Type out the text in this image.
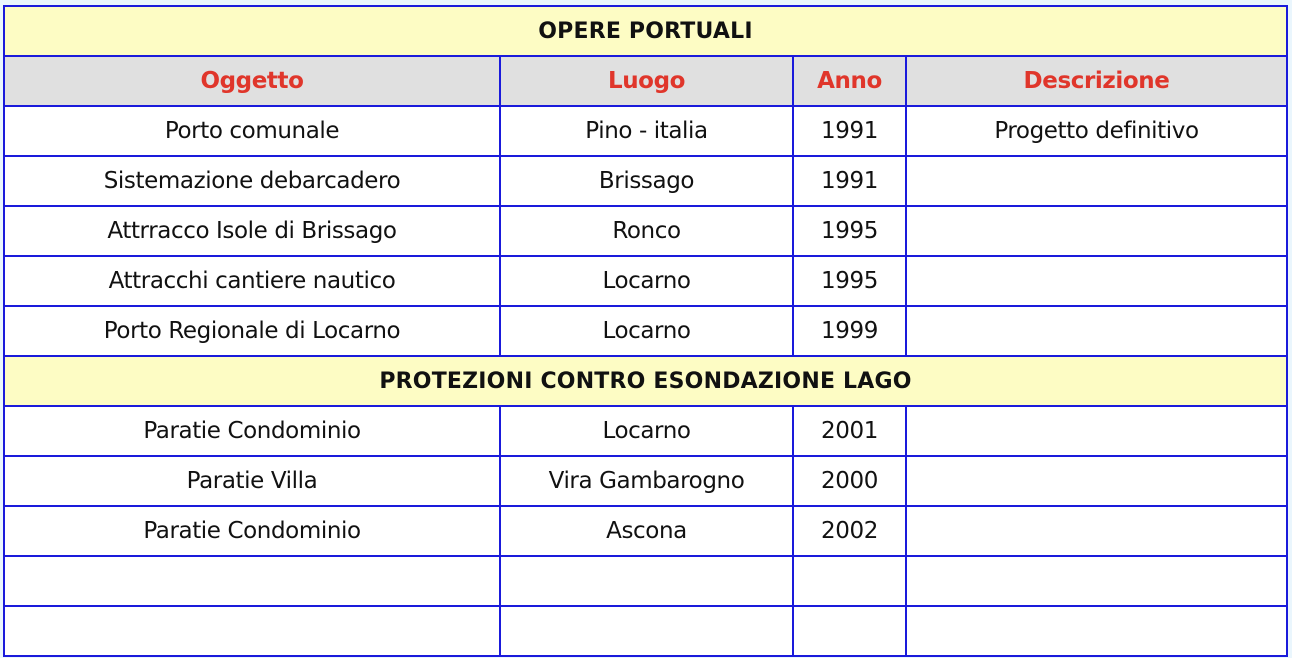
OPERE PORTUALI			
Oggetto	Luogo	Anno	Descrizione
Porto comunale	Pino - italia	1991	Progetto definitivo
Sistemazione debarcadero	Brissago	1991	
Attrracco Isole di Brissago	Ronco	1995	
Attracchi cantiere nautico	Locarno	1995	
Porto Regionale di Locarno	Locarno	1999	
PROTEZIONI CONTRO ESONDAZIONE LAGO			
Paratie Condominio	Locarno	2001	
Paratie Villa	Vira Gambarogno	2000	
Paratie Condominio	Ascona	2002	
